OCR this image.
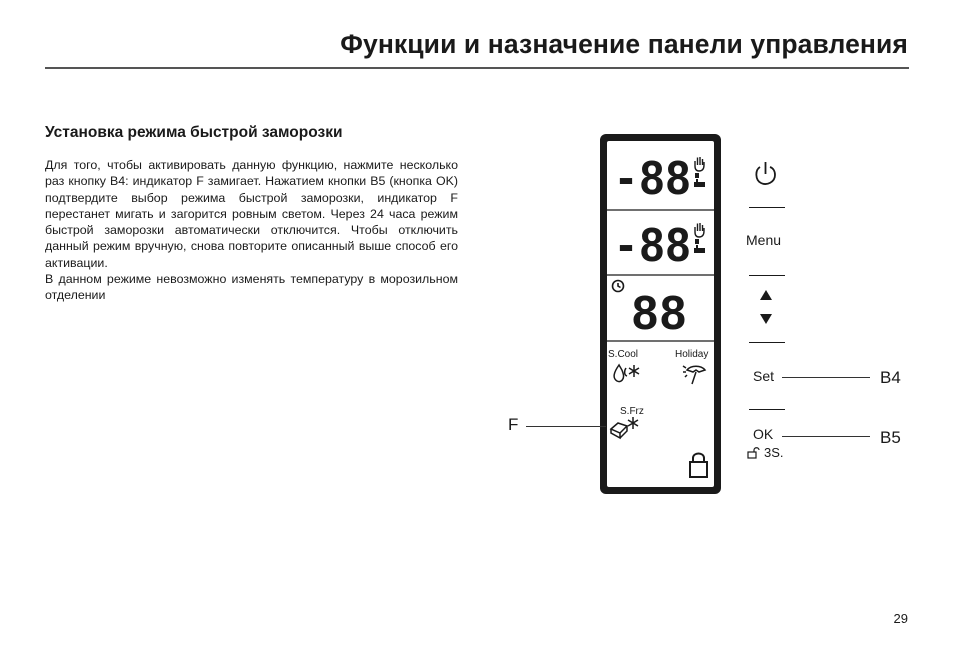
Функции и назначение панели управления
Установка режима быстрой заморозки

Для того, чтобы активировать данную функцию, нажмите несколько раз кнопку B4: индикатор F замигает. Нажатием кнопки B5 (кнопка OK) подтвердите выбор режима быстрой заморозки, индикатор F перестанет мигать и загорится ровным светом. Через 24 часа режим быстрой заморозки автоматически отключится. Чтобы отключить данный режим вручную, снова повторите описанный выше способ его активации.

В данном режиме невозможно изменять температуру в морозильном отделении

-88
-88
88
S.Cool	Holiday
S.Frz
Menu
Set
OK
3S.
B4
B5
F
29
